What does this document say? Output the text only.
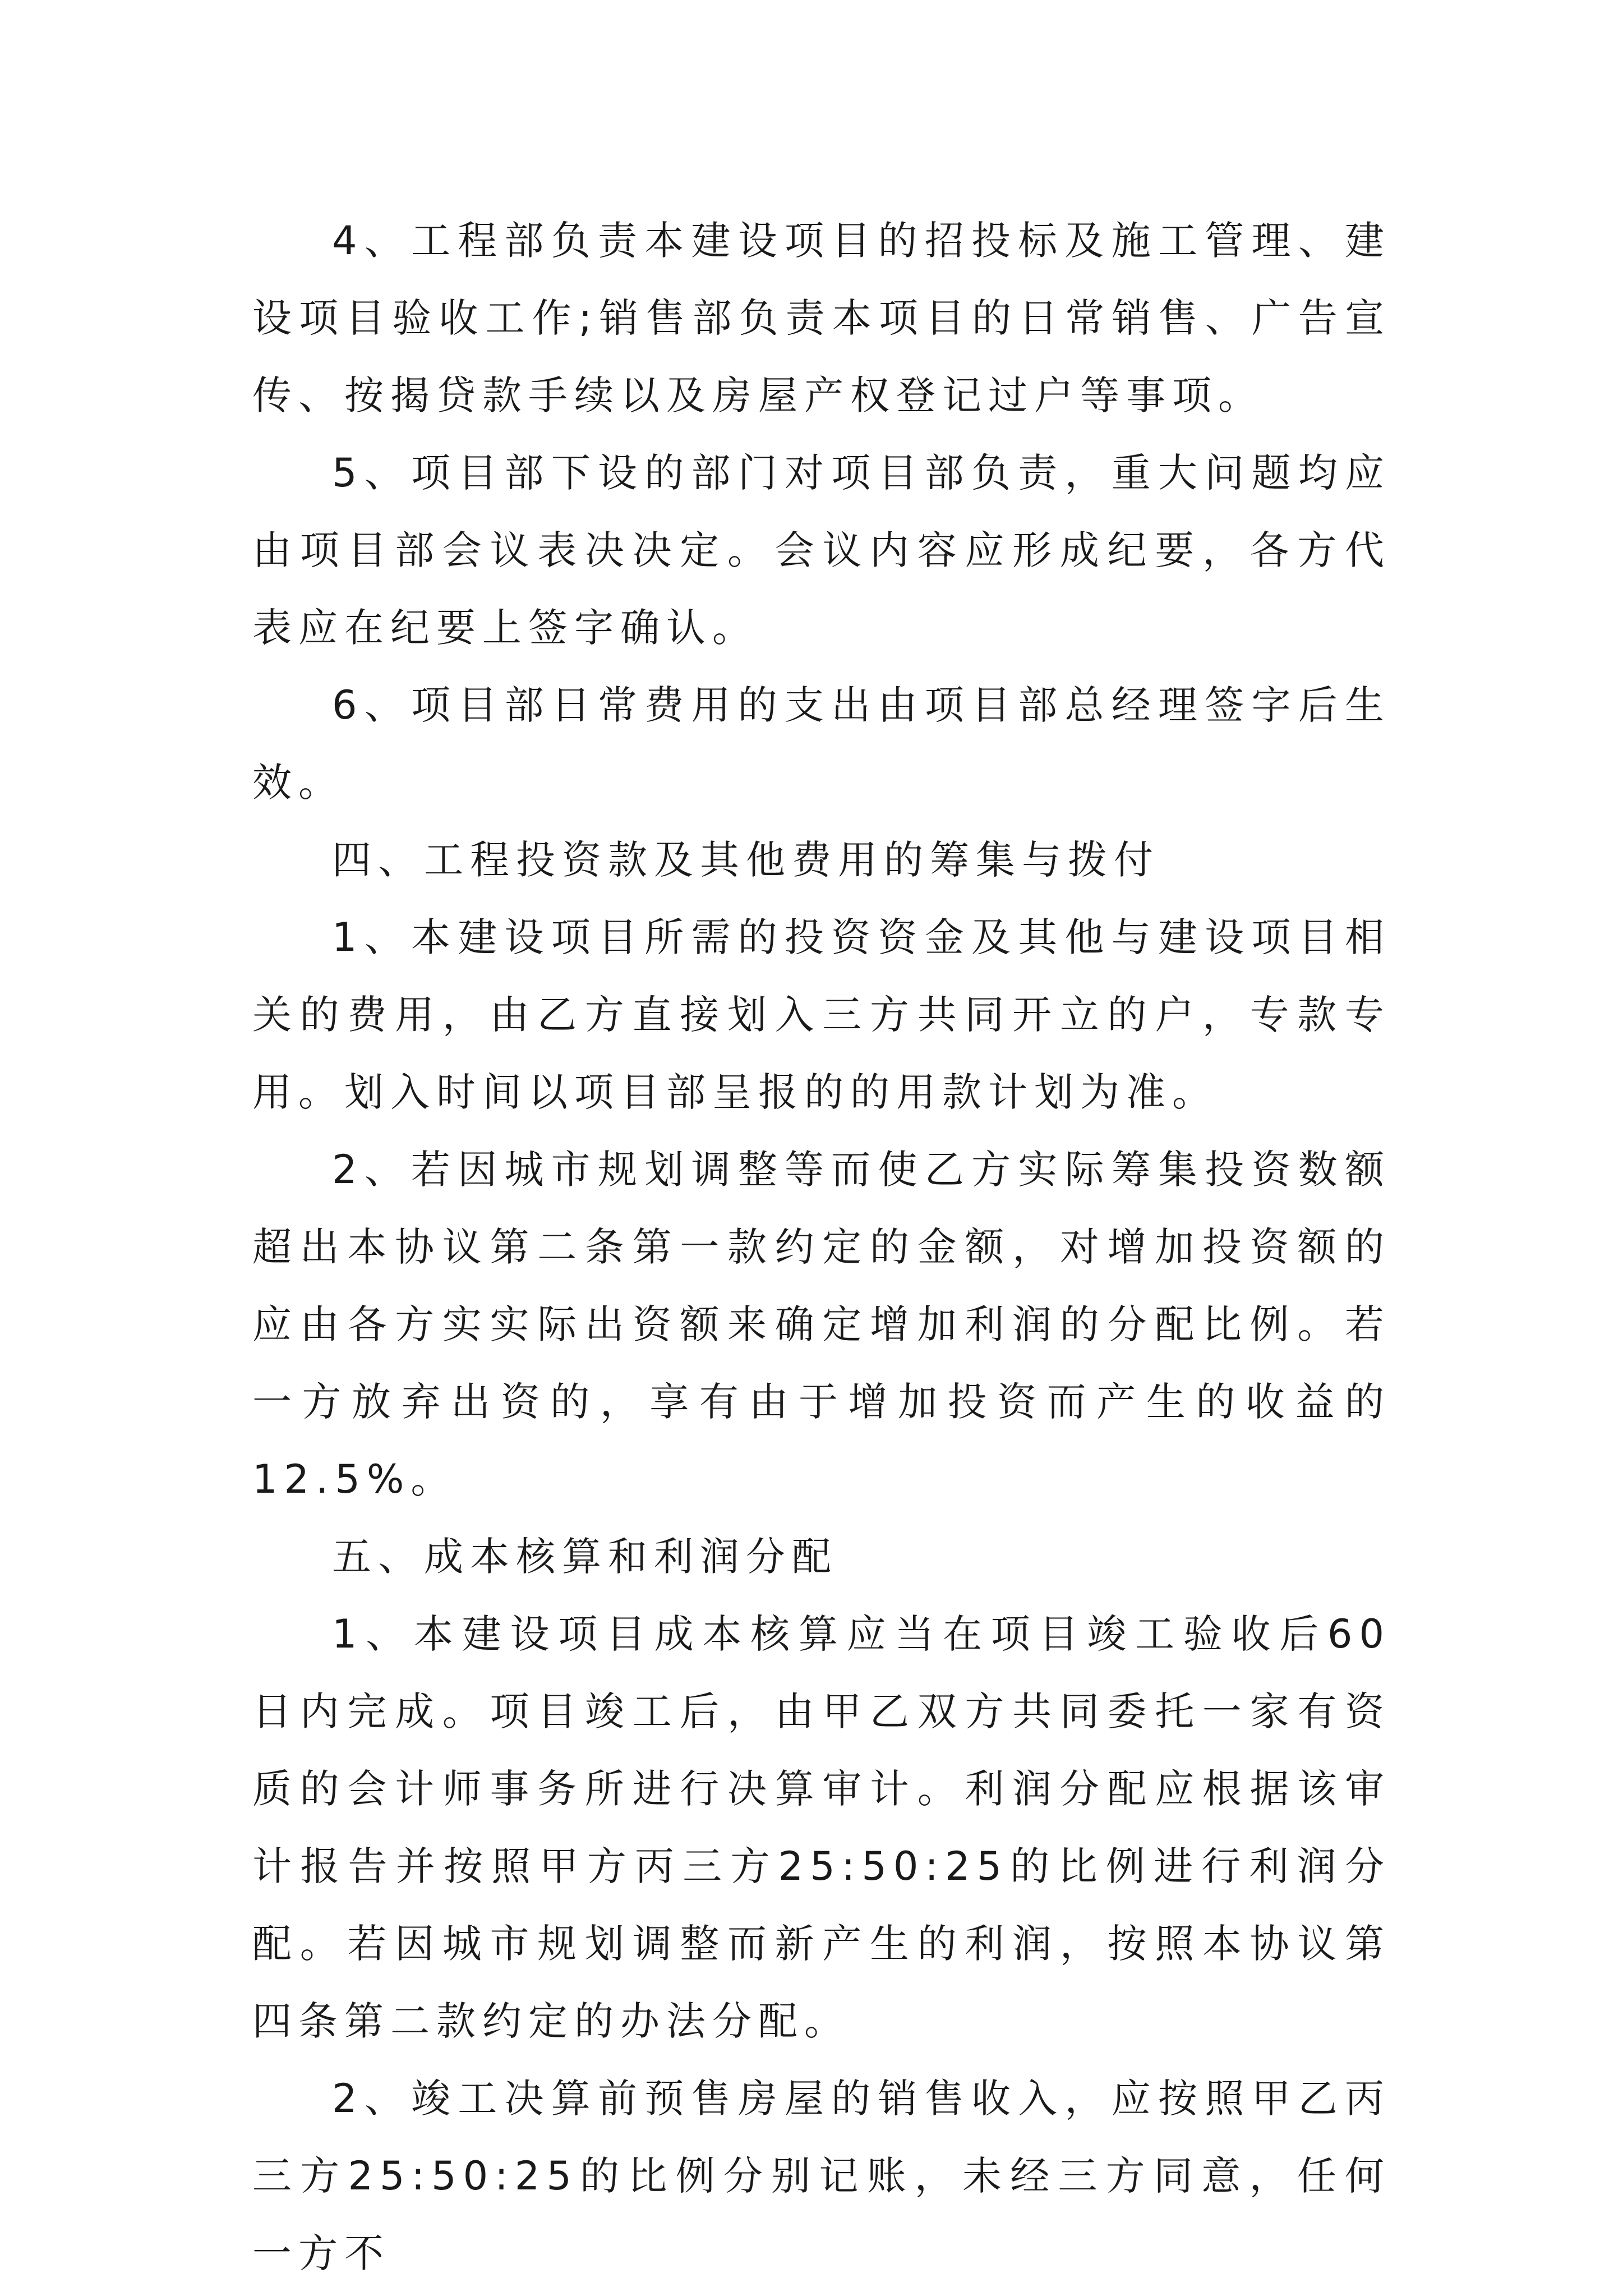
4、工程部负责本建设项目的招投标及施工管理、建设项目验收工作;销售部负责本项目的日常销售、广告宣传、按揭贷款手续以及房屋产权登记过户等事项。

5、项目部下设的部门对项目部负责，重大问题均应由项目部会议表决决定。会议内容应形成纪要，各方代表应在纪要上签字确认。

6、项目部日常费用的支出由项目部总经理签字后生效。

四、工程投资款及其他费用的筹集与拨付

1、本建设项目所需的投资资金及其他与建设项目相关的费用，由乙方直接划入三方共同开立的户，专款专用。划入时间以项目部呈报的的用款计划为准。

2、若因城市规划调整等而使乙方实际筹集投资数额超出本协议第二条第一款约定的金额，对增加投资额的应由各方实实际出资额来确定增加利润的分配比例。若一方放弃出资的，享有由于增加投资而产生的收益的12.5%。

五、成本核算和利润分配

1、本建设项目成本核算应当在项目竣工验收后60日内完成。项目竣工后，由甲乙双方共同委托一家有资质的会计师事务所进行决算审计。利润分配应根据该审计报告并按照甲方丙三方25:50:25的比例进行利润分配。若因城市规划调整而新产生的利润，按照本协议第四条第二款约定的办法分配。

2、竣工决算前预售房屋的销售收入，应按照甲乙丙三方25:50:25的比例分别记账，未经三方同意，任何一方不
